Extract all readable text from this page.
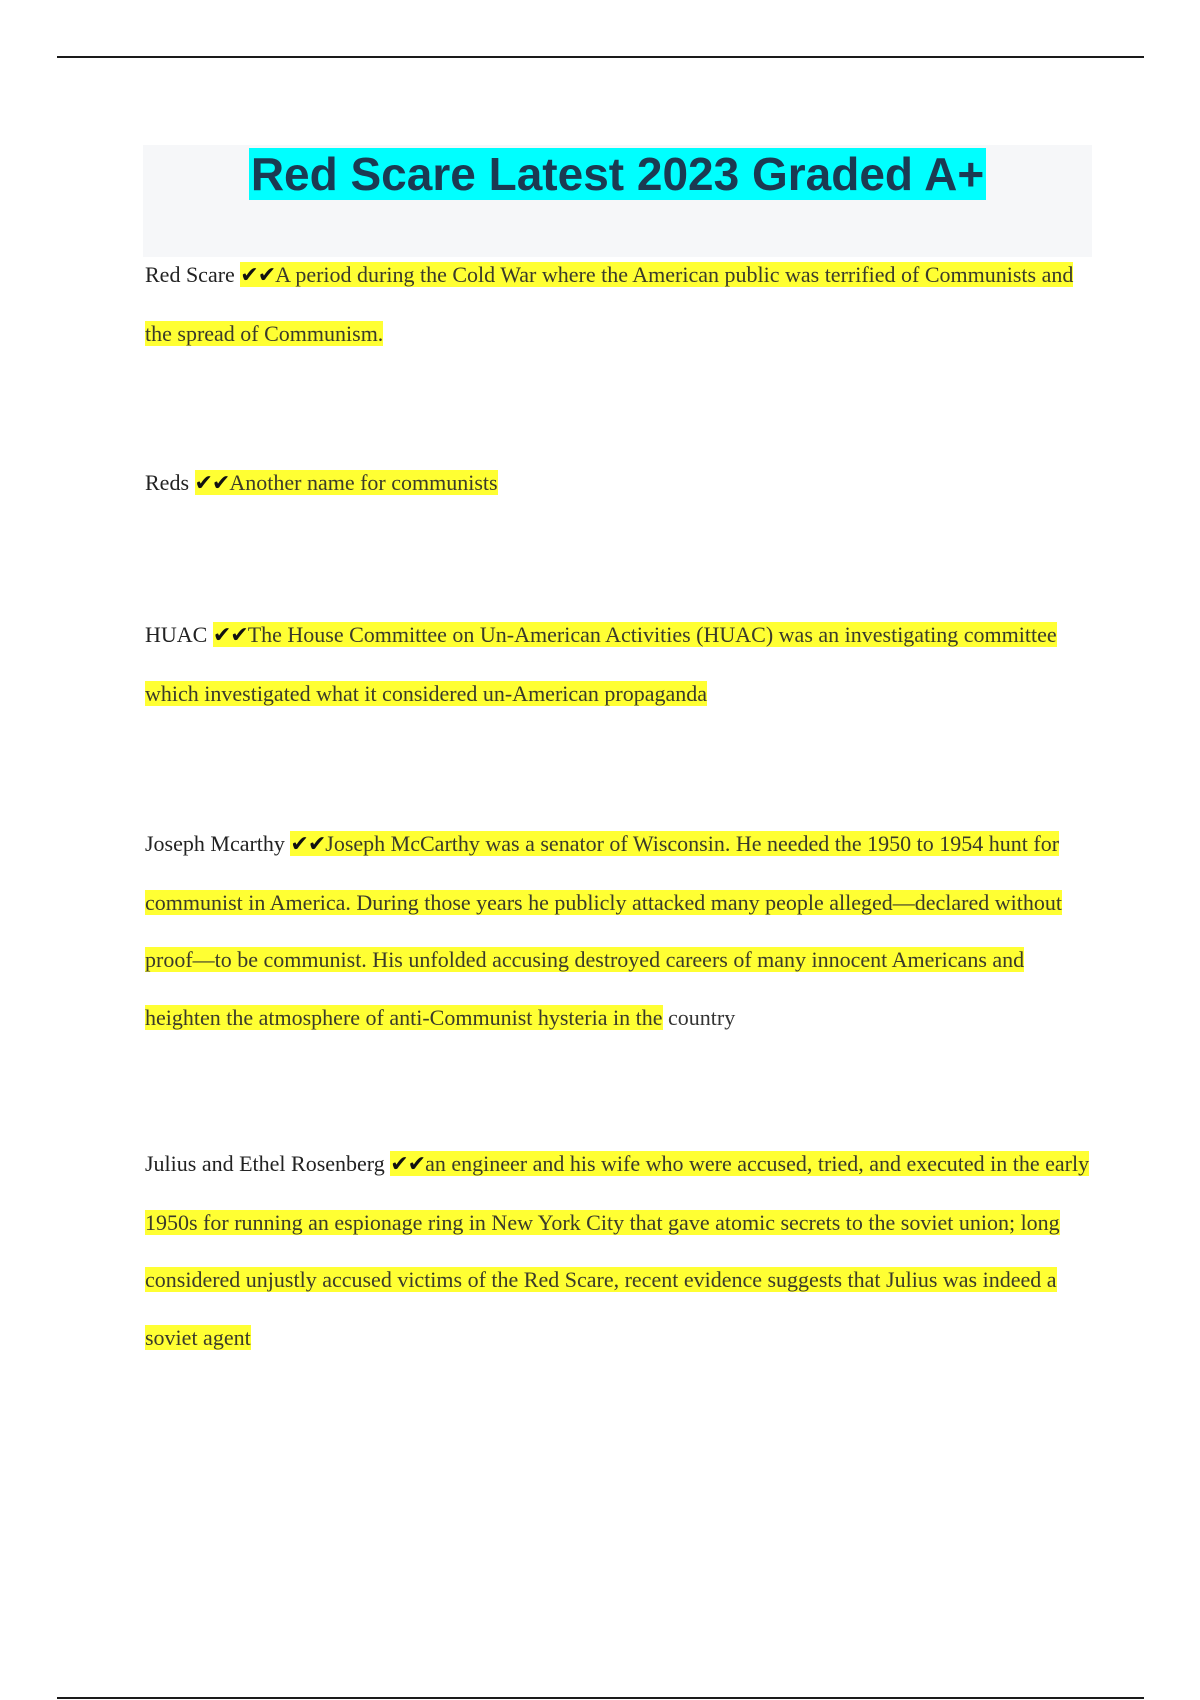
Red Scare Latest 2023 Graded A+

Red Scare ✔✔A period during the Cold War where the American public was terrified of Communists and the spread of Communism.

Reds ✔✔Another name for communists

HUAC ✔✔The House Committee on Un-American Activities (HUAC) was an investigating committee which investigated what it considered un-American propaganda

Joseph Mcarthy ✔✔Joseph McCarthy was a senator of Wisconsin. He needed the 1950 to 1954 hunt for communist in America. During those years he publicly attacked many people alleged—declared without proof—to be communist. His unfolded accusing destroyed careers of many innocent Americans and heighten the atmosphere of anti-Communist hysteria in the country

Julius and Ethel Rosenberg ✔✔an engineer and his wife who were accused, tried, and executed in the early 1950s for running an espionage ring in New York City that gave atomic secrets to the soviet union; long considered unjustly accused victims of the Red Scare, recent evidence suggests that Julius was indeed a soviet agent
